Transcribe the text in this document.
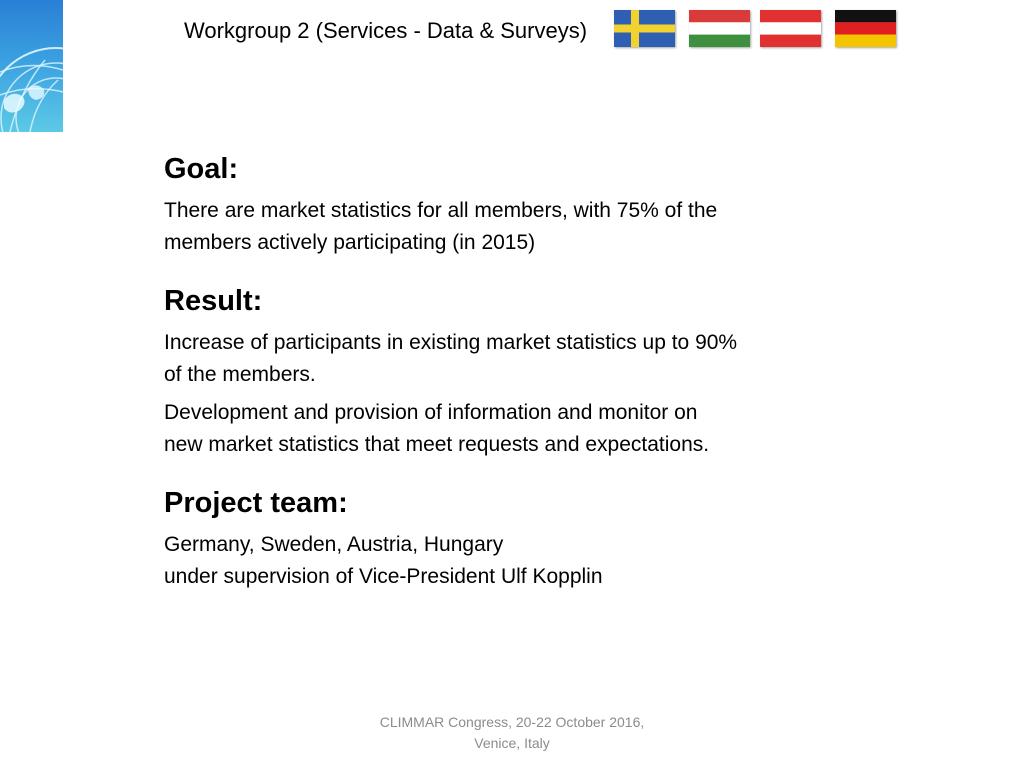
Workgroup 2 (Services - Data & Surveys)
Goal:
There are market statistics for all members, with 75% of the
members actively participating (in 2015)
Result:
Increase of participants in existing market statistics up to 90%
of the members.
Development and provision of information and monitor on
new market statistics that meet requests and expectations.
Project team:
Germany, Sweden, Austria, Hungary
under supervision of Vice-President Ulf Kopplin
CLIMMAR Congress, 20-22 October 2016,
Venice, Italy
